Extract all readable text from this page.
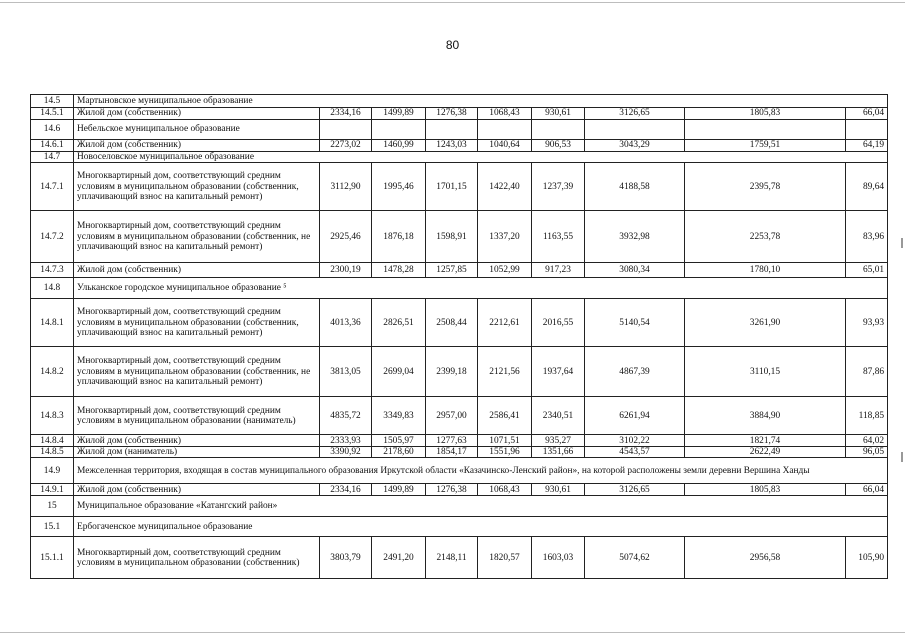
80
14.5	Мартыновское муниципальное образование								
14.5.1	Жилой дом (собственник)	2334,16	1499,89	1276,38	1068,43	930,61	3126,65	1805,83	66,04
14.6	Небельское муниципальное образование								
14.6.1	Жилой дом (собственник)	2273,02	1460,99	1243,03	1040,64	906,53	3043,29	1759,51	64,19
14.7	Новоселовское муниципальное образование								
14.7.1	Многоквартирный дом, соответствующий средним условиям в муниципальном образовании (собственник, уплачивающий взнос на капитальный ремонт)	3112,90	1995,46	1701,15	1422,40	1237,39	4188,58	2395,78	89,64
14.7.2	Многоквартирный дом, соответствующий средним условиям в муниципальном образовании (собственник, не уплачивающий взнос на капитальный ремонт)	2925,46	1876,18	1598,91	1337,20	1163,55	3932,98	2253,78	83,96
14.7.3	Жилой дом (собственник)	2300,19	1478,28	1257,85	1052,99	917,23	3080,34	1780,10	65,01
14.8	Ульканское городское муниципальное образование ⁵								
14.8.1	Многоквартирный дом, соответствующий средним условиям в муниципальном образовании (собственник, уплачивающий взнос на капитальный ремонт)	4013,36	2826,51	2508,44	2212,61	2016,55	5140,54	3261,90	93,93
14.8.2	Многоквартирный дом, соответствующий средним условиям в муниципальном образовании (собственник, не уплачивающий взнос на капитальный ремонт)	3813,05	2699,04	2399,18	2121,56	1937,64	4867,39	3110,15	87,86
14.8.3	Многоквартирный дом, соответствующий средним условиям в муниципальном образовании (наниматель)	4835,72	3349,83	2957,00	2586,41	2340,51	6261,94	3884,90	118,85
14.8.4	Жилой дом (собственник)	2333,93	1505,97	1277,63	1071,51	935,27	3102,22	1821,74	64,02
14.8.5	Жилой дом (наниматель)	3390,92	2178,60	1854,17	1551,96	1351,66	4543,57	2622,49	96,05
14.9	Межселенная территория, входящая в состав муниципального образования Иркутской области «Казачинско-Ленский район», на которой расположены земли деревни Вершина Ханды								
14.9.1	Жилой дом (собственник)	2334,16	1499,89	1276,38	1068,43	930,61	3126,65	1805,83	66,04
15	Муниципальное образование «Катангский район»								
15.1	Ербогаченское муниципальное образование								
15.1.1	Многоквартирный дом, соответствующий средним условиям в муниципальном образовании (собственник)	3803,79	2491,20	2148,11	1820,57	1603,03	5074,62	2956,58	105,90
